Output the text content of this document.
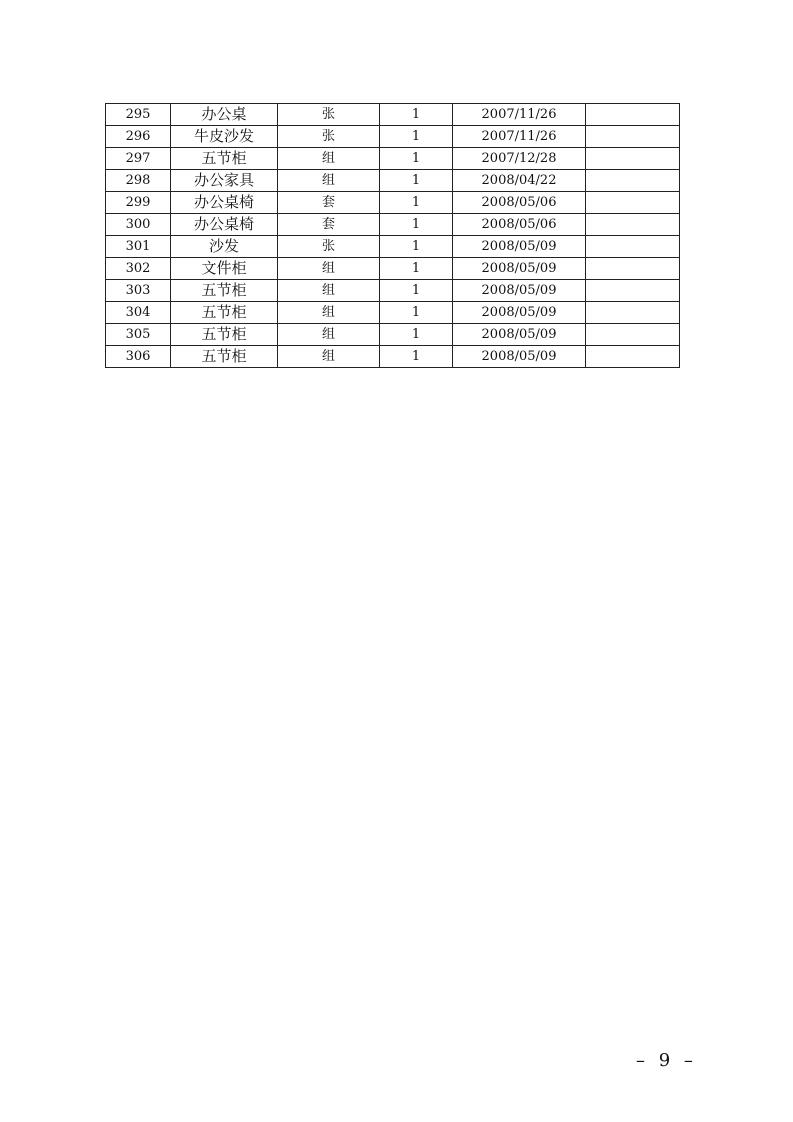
295	办公桌	张	1	2007/11/26	
296	牛皮沙发	张	1	2007/11/26	
297	五节柜	组	1	2007/12/28	
298	办公家具	组	1	2008/04/22	
299	办公桌椅	套	1	2008/05/06	
300	办公桌椅	套	1	2008/05/06	
301	沙发	张	1	2008/05/09	
302	文件柜	组	1	2008/05/09	
303	五节柜	组	1	2008/05/09	
304	五节柜	组	1	2008/05/09	
305	五节柜	组	1	2008/05/09	
306	五节柜	组	1	2008/05/09	
– 9 –
